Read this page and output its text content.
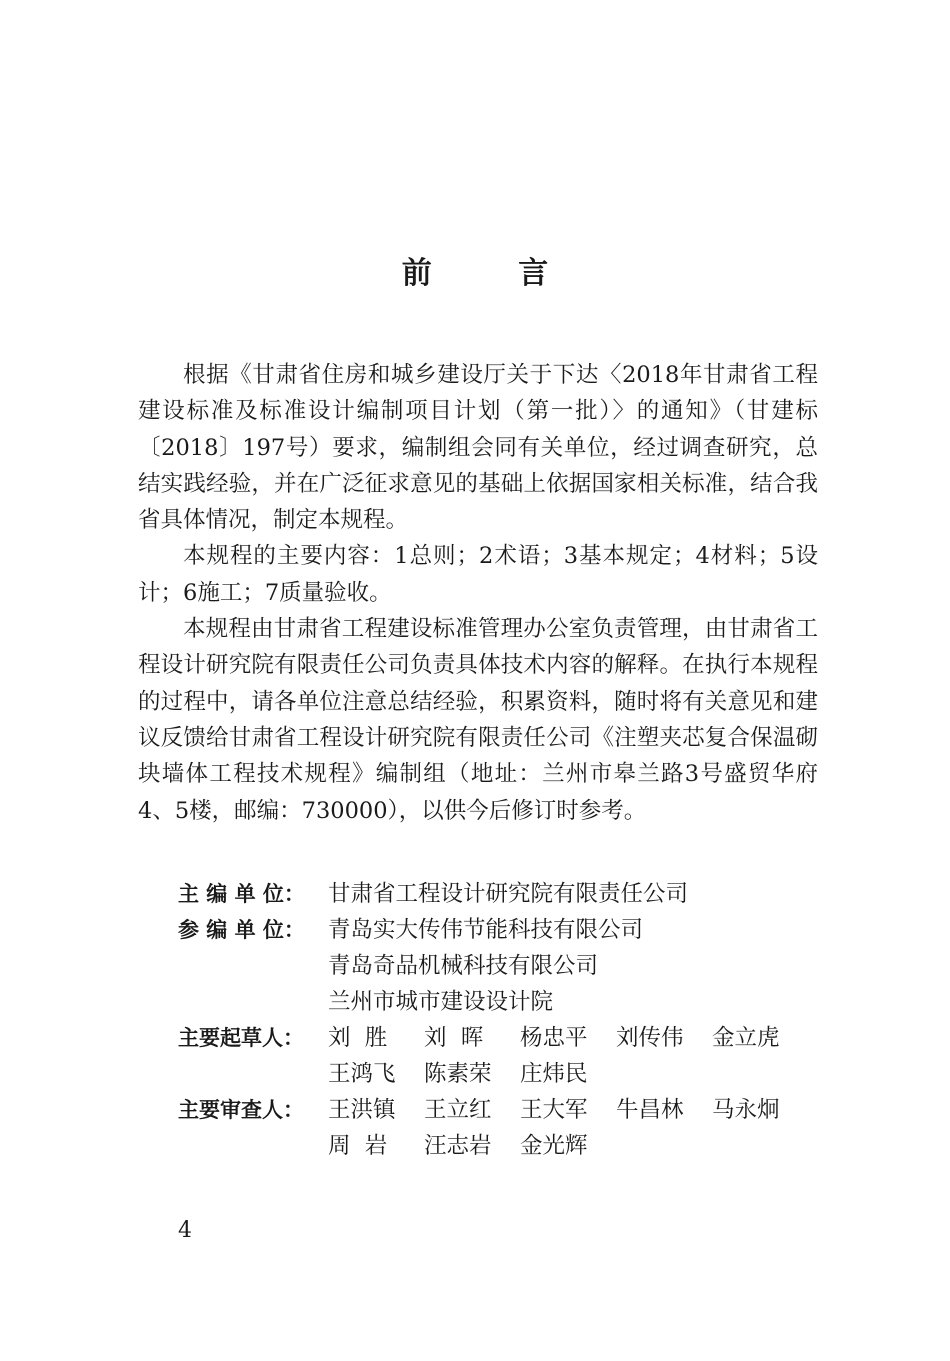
前 言

根据《甘肃省住房和城乡建设厅关于下达〈2018年甘肃省工程建设标准及标准设计编制项目计划（第一批）〉的通知》（甘建标〔2018〕197号）要求，编制组会同有关单位，经过调查研究，总结实践经验，并在广泛征求意见的基础上依据国家相关标准，结合我省具体情况，制定本规程。

本规程的主要内容：1总则；2术语；3基本规定；4材料；5设计；6施工；7质量验收。

本规程由甘肃省工程建设标准管理办公室负责管理，由甘肃省工程设计研究院有限责任公司负责具体技术内容的解释。在执行本规程的过程中，请各单位注意总结经验，积累资料，随时将有关意见和建议反馈给甘肃省工程设计研究院有限责任公司《注塑夹芯复合保温砌块墙体工程技术规程》编制组（地址：兰州市皋兰路3号盛贸华府4、5楼，邮编：730000），以供今后修订时参考。

主 编 单 位：	甘肃省工程设计研究院有限责任公司
参 编 单 位：	青岛实大传伟节能科技有限公司
青岛奇品机械科技有限公司
兰州市城市建设设计院
主要起草人：	刘  胜	刘  晖	杨忠平	刘传伟	金立虎
王鸿飞	陈素荣	庄炜民
主要审查人：	王洪镇	王立红	王大军	牛昌林	马永炯
周  岩	汪志岩	金光辉
4
